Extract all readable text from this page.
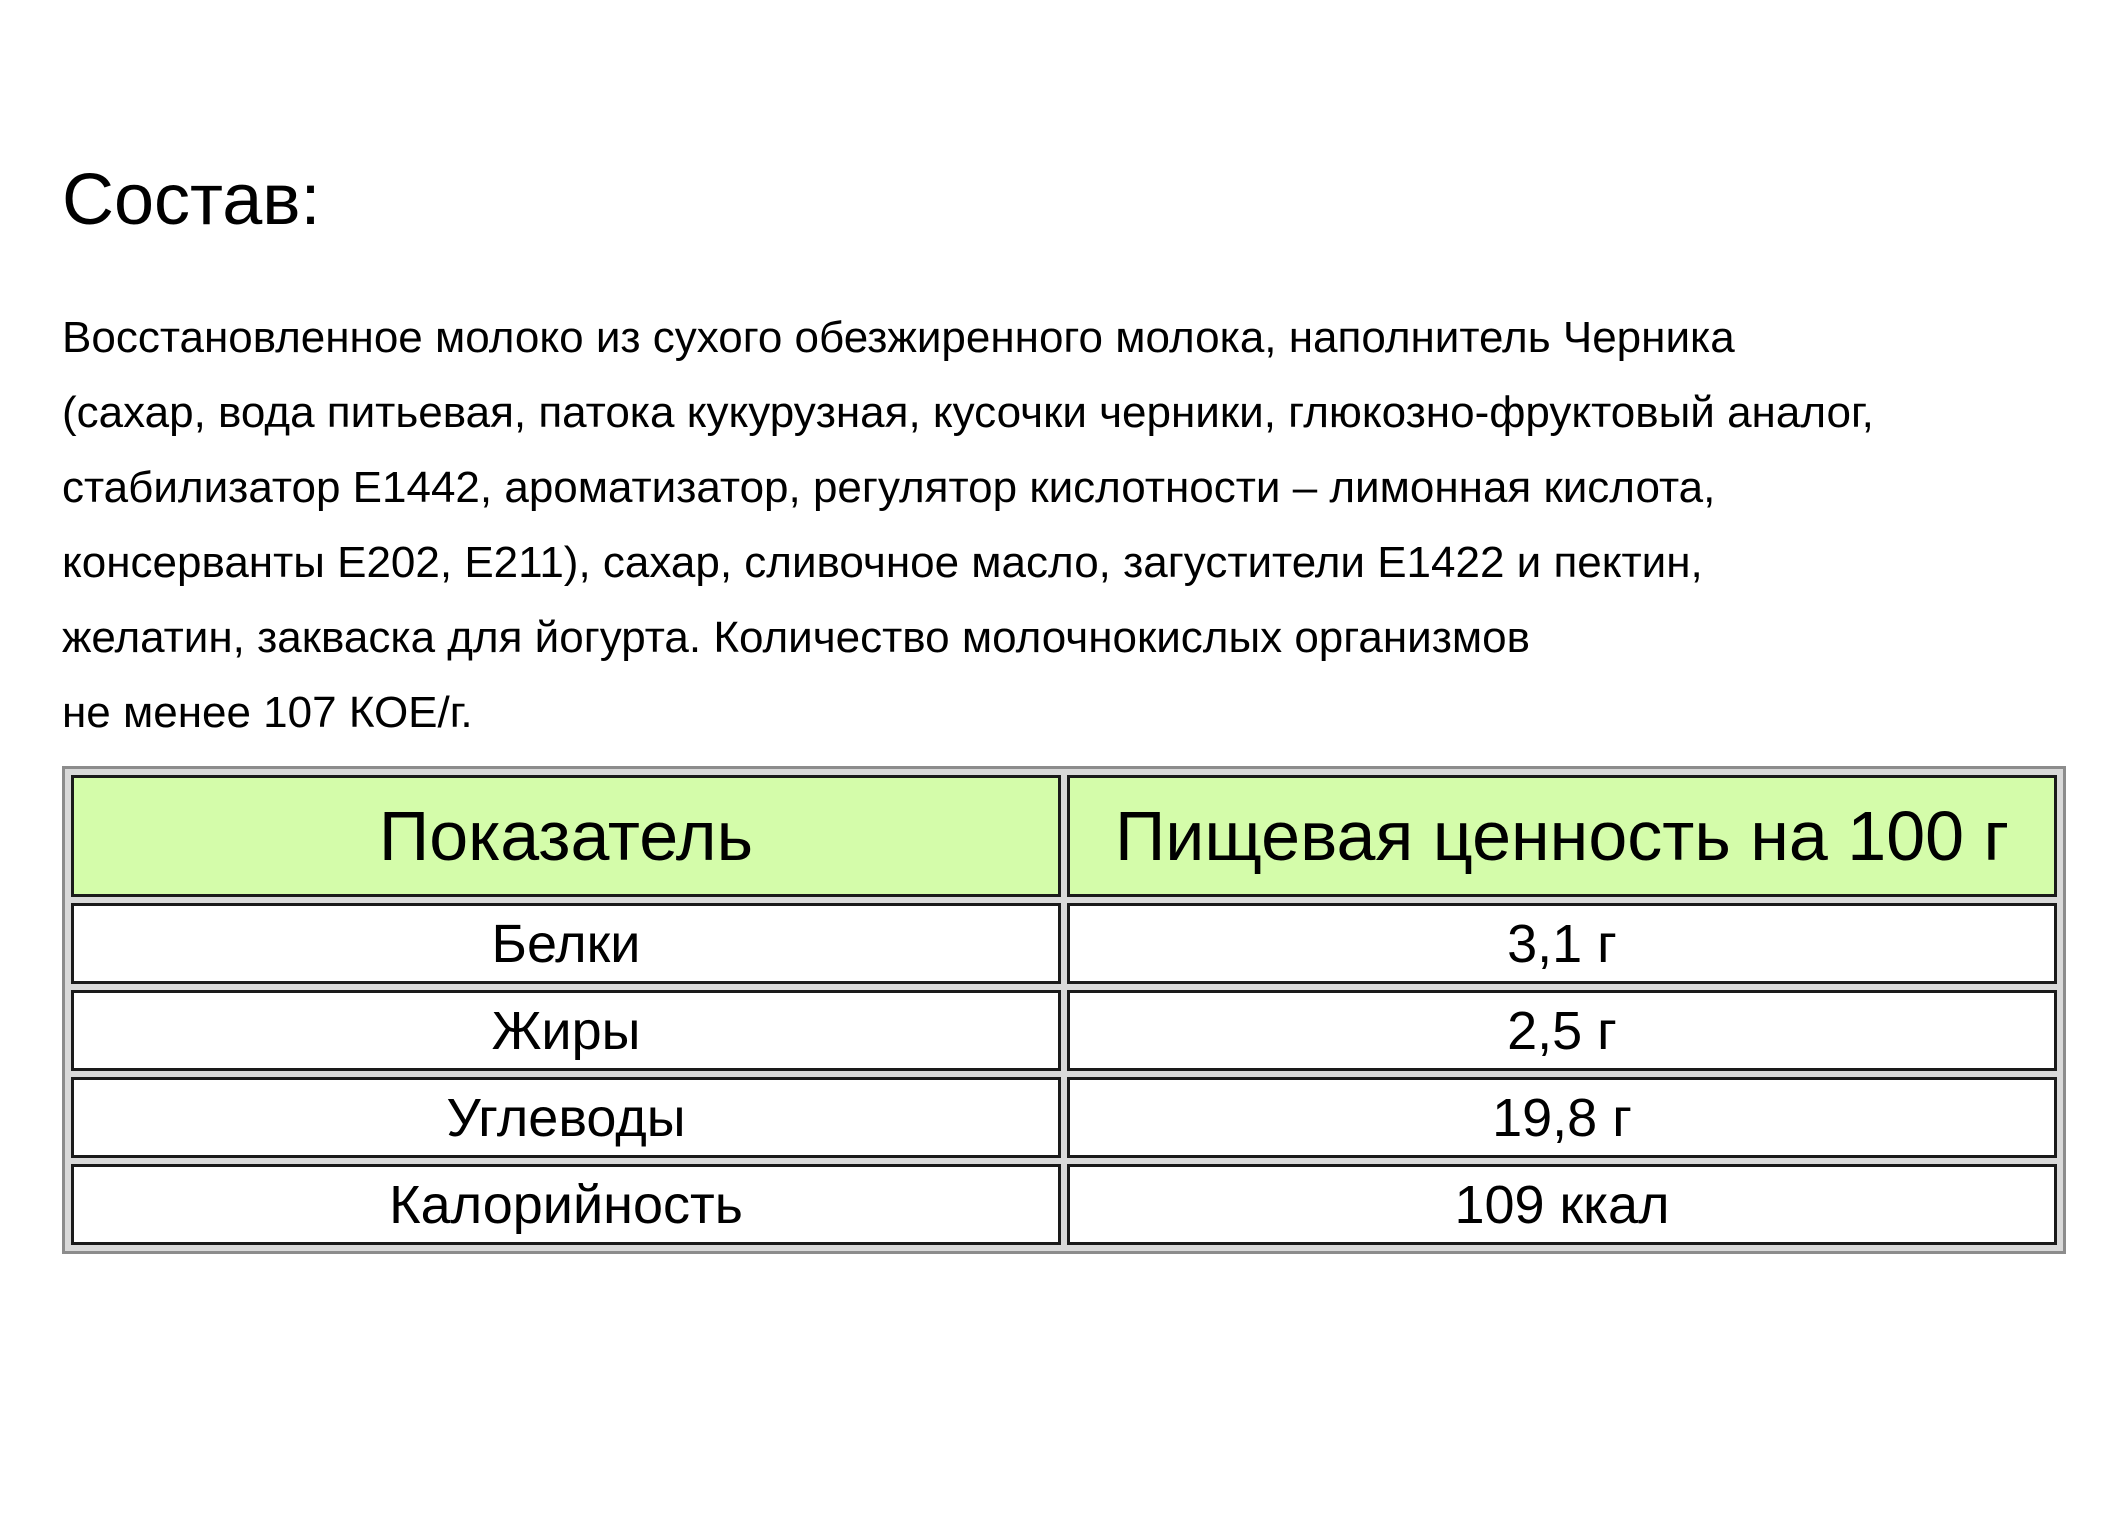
Состав:
Восстановленное молоко из сухого обезжиренного молока, наполнитель Черника
(сахар, вода питьевая, патока кукурузная, кусочки черники, глюкозно-фруктовый аналог,
стабилизатор Е1442, ароматизатор, регулятор кислотности – лимонная кислота,
консерванты Е202, Е211), сахар, сливочное масло, загустители Е1422 и пектин,
желатин, закваска для йогурта. Количество молочнокислых организмов
не менее 107 КОЕ/г.
Показатель	Пищевая ценность на 100 г
Белки	3,1 г
Жиры	2,5 г
Углеводы	19,8 г
Калорийность	109 ккал
